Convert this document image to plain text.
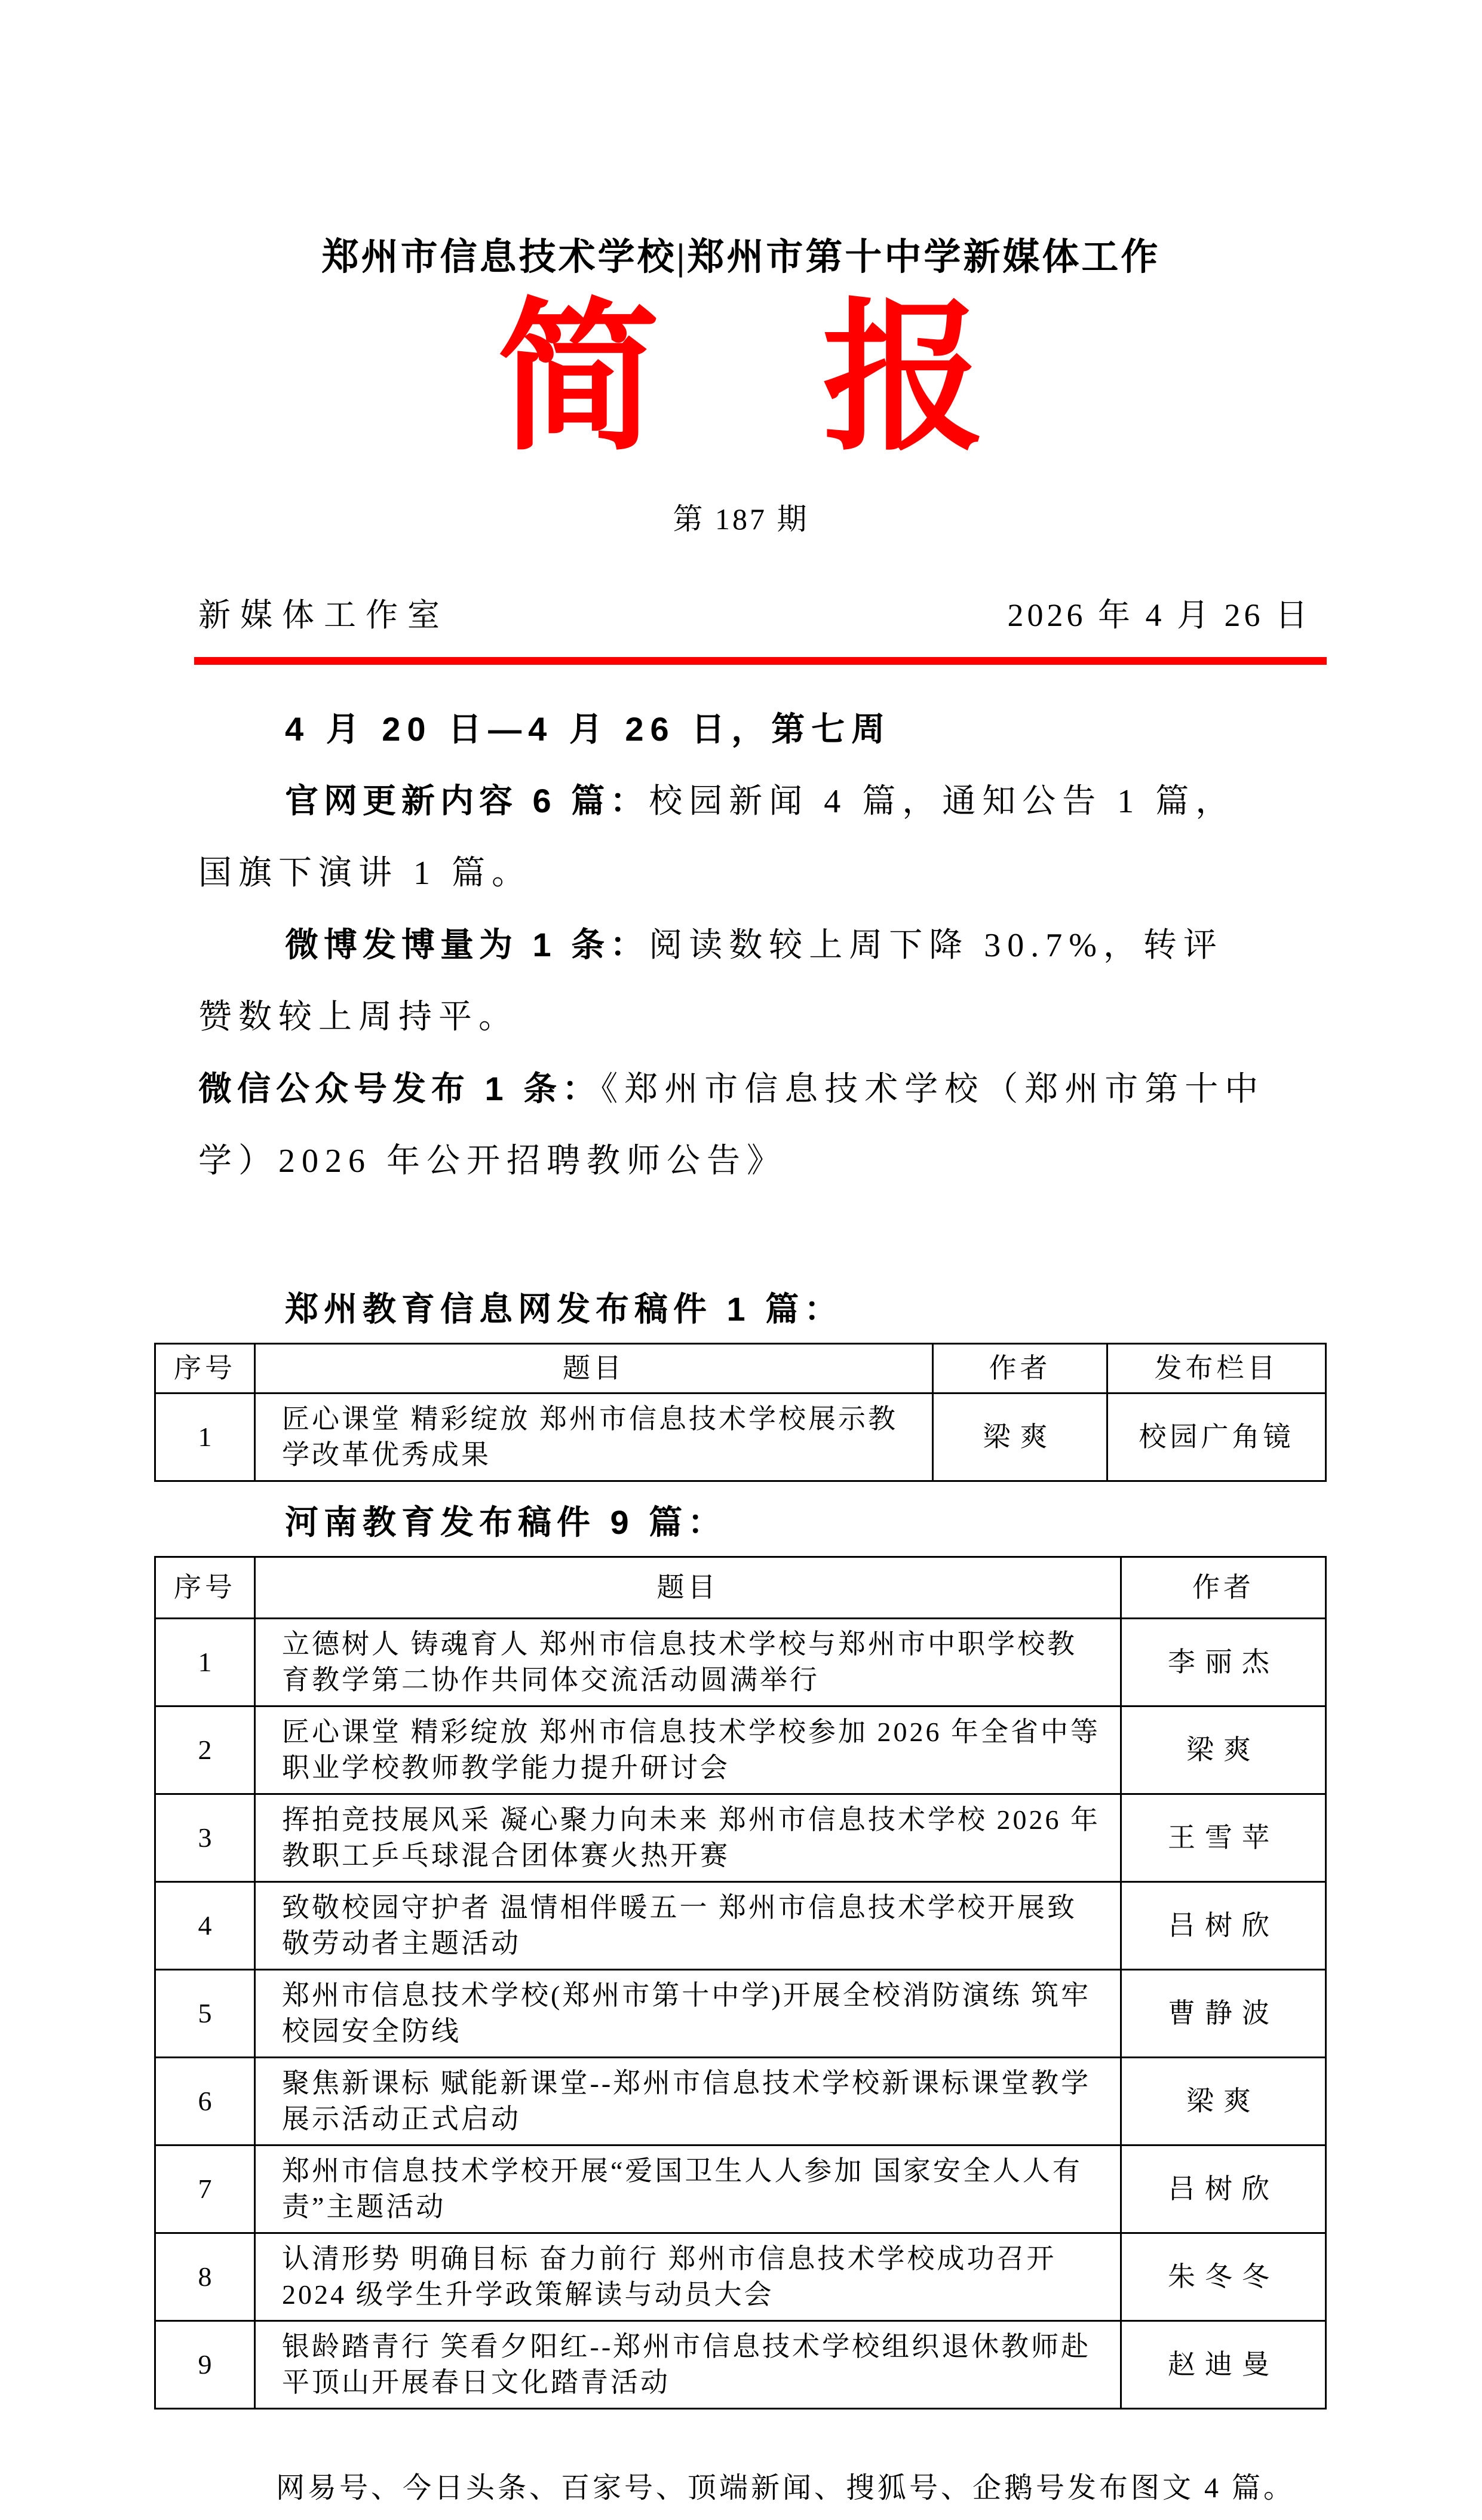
郑州市信息技术学校|郑州市第十中学新媒体工作
简　报
第 187 期
新媒体工作室	2026 年 4 月 26 日
4 月 20 日—4 月 26 日，第七周
官网更新内容 6 篇：校园新闻 4 篇，通知公告 1 篇，
国旗下演讲 1 篇。
微博发博量为 1 条：阅读数较上周下降 30.7%，转评
赞数较上周持平。
微信公众号发布 1 条：《郑州市信息技术学校（郑州市第十中
学）2026 年公开招聘教师公告》
郑州教育信息网发布稿件 1 篇：
序号	题目	作者	发布栏目
1	匠心课堂 精彩绽放 郑州市信息技术学校展示教学改革优秀成果	梁爽	校园广角镜
河南教育发布稿件 9 篇：
序号	题目	作者
1	立德树人 铸魂育人 郑州市信息技术学校与郑州市中职学校教育教学第二协作共同体交流活动圆满举行	李丽杰
2	匠心课堂 精彩绽放 郑州市信息技术学校参加 2026 年全省中等职业学校教师教学能力提升研讨会	梁爽
3	挥拍竞技展风采 凝心聚力向未来 郑州市信息技术学校 2026 年教职工乒乓球混合团体赛火热开赛	王雪苹
4	致敬校园守护者 温情相伴暖五一 郑州市信息技术学校开展致敬劳动者主题活动	吕树欣
5	郑州市信息技术学校(郑州市第十中学)开展全校消防演练 筑牢校园安全防线	曹静波
6	聚焦新课标 赋能新课堂--郑州市信息技术学校新课标课堂教学展示活动正式启动	梁爽
7	郑州市信息技术学校开展“爱国卫生人人参加 国家安全人人有责”主题活动	吕树欣
8	认清形势 明确目标 奋力前行 郑州市信息技术学校成功召开 2024 级学生升学政策解读与动员大会	朱冬冬
9	银龄踏青行 笑看夕阳红--郑州市信息技术学校组织退休教师赴平顶山开展春日文化踏青活动	赵迪曼
网易号、今日头条、百家号、顶端新闻、搜狐号、企鹅号发布图文 4 篇。
